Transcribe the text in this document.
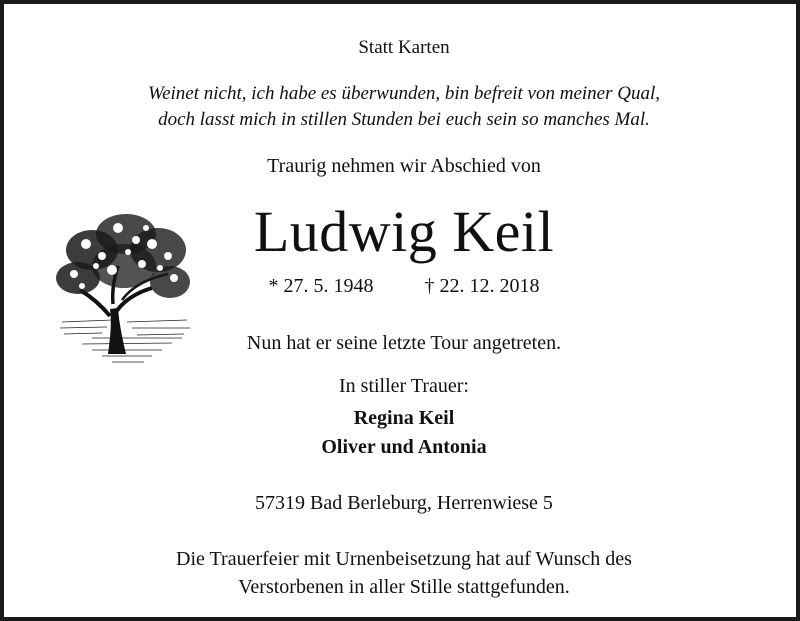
Statt Karten
Weinet nicht, ich habe es überwunden, bin befreit von meiner Qual,
doch lasst mich in stillen Stunden bei euch sein so manches Mal.
Traurig nehmen wir Abschied von
Ludwig Keil
* 27. 5. 1948	† 22. 12. 2018
Nun hat er seine letzte Tour angetreten.
In stiller Trauer:
Regina Keil
Oliver und Antonia
57319 Bad Berleburg, Herrenwiese 5
Die Trauerfeier mit Urnenbeisetzung hat auf Wunsch des
Verstorbenen in aller Stille stattgefunden.
